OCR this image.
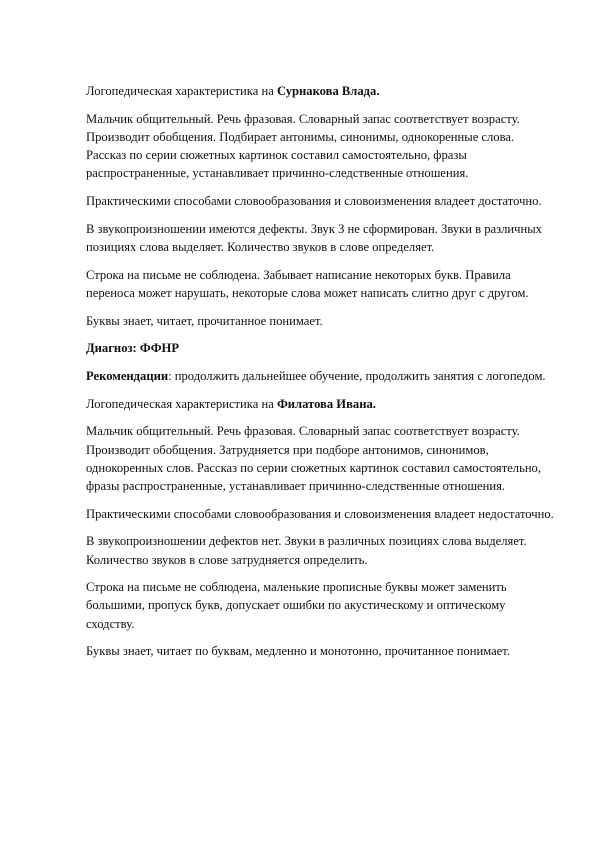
Логопедическая характеристика на Сурнакова Влада.

Мальчик общительный. Речь фразовая. Словарный запас соответствует возрасту. Производит обобщения. Подбирает антонимы, синонимы, однокоренные слова. Рассказ по серии сюжетных картинок составил самостоятельно, фразы распространенные, устанавливает причинно-следственные отношения.

Практическими способами словообразования и словоизменения владеет достаточно.

В звукопроизношении имеются дефекты. Звук З не сформирован. Звуки в различных позициях слова выделяет. Количество звуков в слове определяет.

Строка на письме не соблюдена. Забывает написание некоторых букв. Правила переноса может нарушать, некоторые слова может написать слитно друг с другом.

Буквы знает, читает, прочитанное понимает.

Диагноз: ФФНР

Рекомендации: продолжить дальнейшее обучение, продолжить занятия с логопедом.

Логопедическая характеристика на Филатова Ивана.

Мальчик общительный. Речь фразовая. Словарный запас соответствует возрасту. Производит обобщения. Затрудняется при подборе антонимов, синонимов, однокоренных слов. Рассказ по серии сюжетных картинок составил самостоятельно, фразы распространенные, устанавливает причинно-следственные отношения.

Практическими способами словообразования и словоизменения владеет недостаточно.

В звукопроизношении дефектов нет. Звуки в различных позициях слова выделяет. Количество звуков в слове затрудняется определить.

Строка на письме не соблюдена, маленькие прописные буквы может заменить большими, пропуск букв, допускает ошибки по акустическому и оптическому сходству.

Буквы знает, читает по буквам, медленно и монотонно, прочитанное понимает.
